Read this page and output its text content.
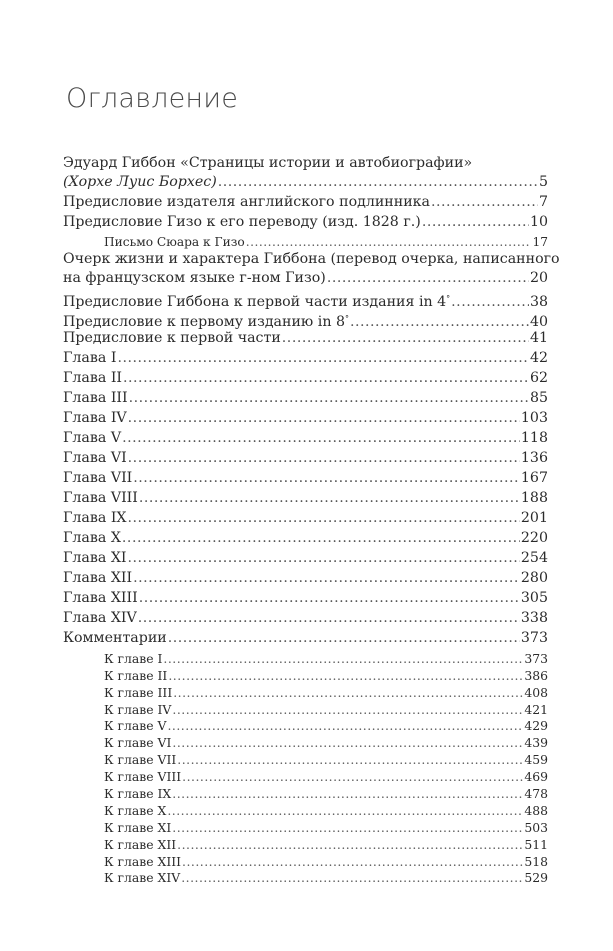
Оглавление
Эдуард Гиббон «Страницы истории и автобиографии»
(Хорхе Луис Борхес) .....	5
Предисловие издателя английского подлинника .....	7
Предисловие Гизо к его переводу (изд. 1828 г.) .....	10
Письмо Сюара к Гизо .....	17
Очерк жизни и характера Гиббона (перевод очерка, написанного
на французском языке г-ном Гизо) .....	20
Предисловие Гиббона к первой части издания in 4° .....	38
Предисловие к первому изданию in 8° .....	40
Предисловие к первой части .....	41
Глава I .....	42
Глава II .....	62
Глава III .....	85
Глава IV .....	103
Глава V .....	118
Глава VI .....	136
Глава VII .....	167
Глава VIII .....	188
Глава IX .....	201
Глава X .....	220
Глава XI .....	254
Глава XII .....	280
Глава XIII .....	305
Глава XIV .....	338
Комментарии .....	373
К главе I .....	373
К главе II .....	386
К главе III .....	408
К главе IV .....	421
К главе V .....	429
К главе VI .....	439
К главе VII .....	459
К главе VIII .....	469
К главе IX .....	478
К главе X .....	488
К главе XI .....	503
К главе XII .....	511
К главе XIII .....	518
К главе XIV .....	529
